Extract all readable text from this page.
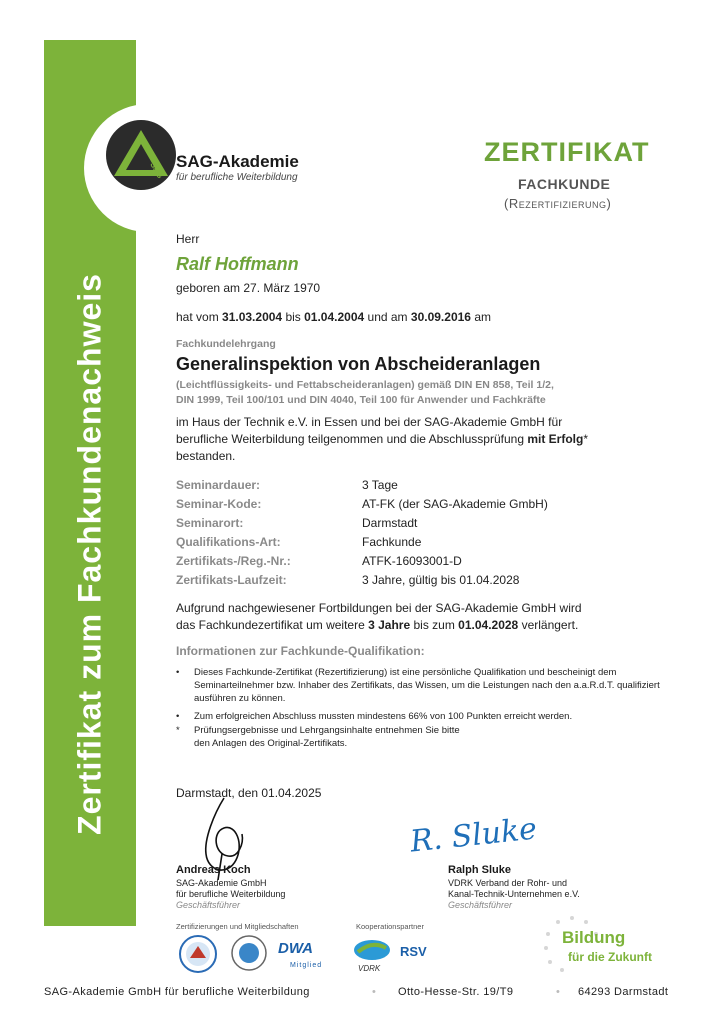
Zertifikat zum Fachkundenachweis
SAG SAG-Akademie
für berufliche Weiterbildung
ZERTIFIKAT
FACHKUNDE
(Rezertifizierung)
Herr
Ralf Hoffmann
geboren am 27. März 1970
hat vom 31.03.2004 bis 01.04.2004 und am 30.09.2016 am
Fachkundelehrgang
Generalinspektion von Abscheideranlagen
(Leichtflüssigkeits- und Fettabscheideranlagen) gemäß DIN EN 858, Teil 1/2,
DIN 1999, Teil 100/101 und DIN 4040, Teil 100 für Anwender und Fachkräfte
im Haus der Technik e.V. in Essen und bei der SAG-Akademie GmbH für
berufliche Weiterbildung teilgenommen und die Abschlussprüfung mit Erfolg*
bestanden.
Seminardauer:	3 Tage
Seminar-Kode:	AT-FK (der SAG-Akademie GmbH)
Seminarort:	Darmstadt
Qualifikations-Art:	Fachkunde
Zertifikats-/Reg.-Nr.:	ATFK-16093001-D
Zertifikats-Laufzeit:	3 Jahre, gültig bis 01.04.2028
Aufgrund nachgewiesener Fortbildungen bei der SAG-Akademie GmbH wird
das Fachkundezertifikat um weitere 3 Jahre bis zum 01.04.2028 verlängert.
Informationen zur Fachkunde-Qualifikation:
• Dieses Fachkunde-Zertifikat (Rezertifizierung) ist eine persönliche Qualifikation und bescheinigt dem Seminarteilnehmer bzw. Inhaber des Zertifikats, das Wissen, um die Leistungen nach den a.a.R.d.T. qualifiziert ausführen zu können.
• Zum erfolgreichen Abschluss mussten mindestens 66% von 100 Punkten erreicht werden.
* Prüfungsergebnisse und Lehrgangsinhalte entnehmen Sie bitte den Anlagen des Original-Zertifikats.
Darmstadt, den 01.04.2025
Andreas Koch
SAG-Akademie GmbH
für berufliche Weiterbildung
Geschäftsführer
R. Sluke
Ralph Sluke
VDRK Verband der Rohr- und
Kanal-Technik-Unternehmen e.V.
Geschäftsführer
Zertifizierungen und Mitgliedschaften	Kooperationspartner
DWA
Mitglied	VDRK
RSV
Bildung
für die Zukunft
SAG-Akademie GmbH für berufliche Weiterbildung	• Otto-Hesse-Str. 19/T9	• 64293 Darmstadt
